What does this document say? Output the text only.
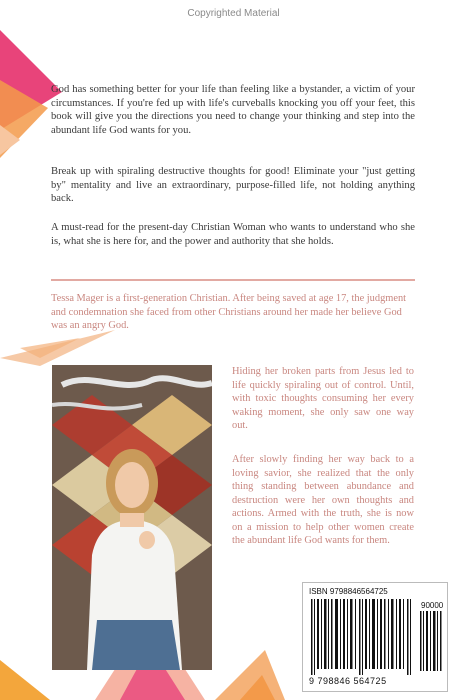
Copyrighted Material

God has something better for your life than feeling like a bystander, a victim of your circumstances. If you're fed up with life's curveballs knocking you off your feet, this book will give you the directions you need to change your thinking and step into the abundant life God wants for you.

Break up with spiraling destructive thoughts for good! Eliminate your "just getting by" mentality and live an extraordinary, purpose-filled life, not holding anything back.

A must-read for the present-day Christian Woman who wants to understand who she is, what she is here for, and the power and authority that she holds.

Tessa Mager is a first-generation Christian. After being saved at age 17, the judgment and condemnation she faced from other Christians around her made her believe God was an angry God.

Hiding her broken parts from Jesus led to life quickly spiraling out of control. Until, with toxic thoughts consuming her every waking moment, she only saw one way out.

After slowly finding her way back to a loving savior, she realized that the only thing standing between abundance and destruction were her own thoughts and actions. Armed with the truth, she is now on a mission to help other women create the abundant life God wants for them.

ISBN 9798846564725
90000
9 798846 564725
